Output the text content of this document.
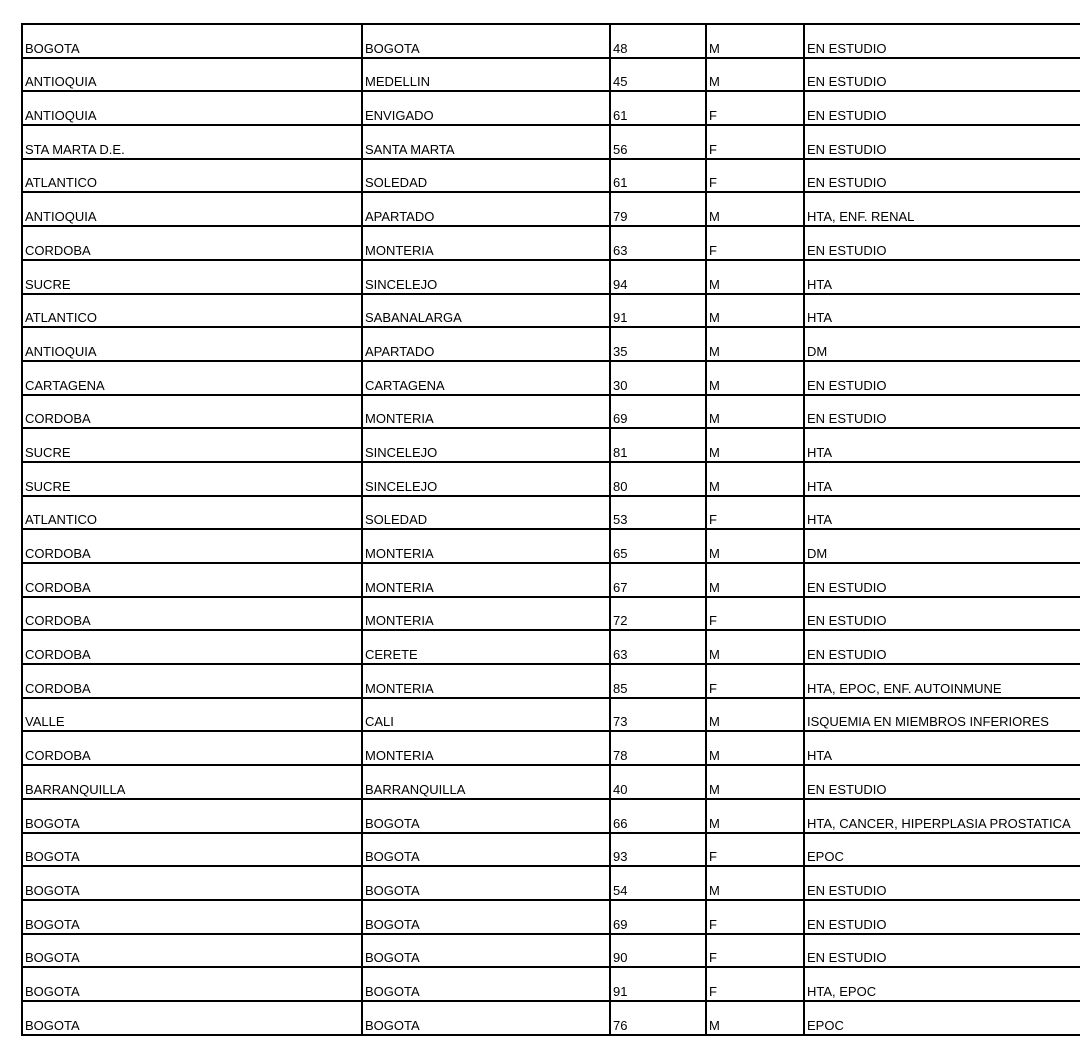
BOGOTA	BOGOTA	48	M	EN ESTUDIO
ANTIOQUIA	MEDELLIN	45	M	EN ESTUDIO
ANTIOQUIA	ENVIGADO	61	F	EN ESTUDIO
STA MARTA D.E.	SANTA MARTA	56	F	EN ESTUDIO
ATLANTICO	SOLEDAD	61	F	EN ESTUDIO
ANTIOQUIA	APARTADO	79	M	HTA, ENF. RENAL
CORDOBA	MONTERIA	63	F	EN ESTUDIO
SUCRE	SINCELEJO	94	M	HTA
ATLANTICO	SABANALARGA	91	M	HTA
ANTIOQUIA	APARTADO	35	M	DM
CARTAGENA	CARTAGENA	30	M	EN ESTUDIO
CORDOBA	MONTERIA	69	M	EN ESTUDIO
SUCRE	SINCELEJO	81	M	HTA
SUCRE	SINCELEJO	80	M	HTA
ATLANTICO	SOLEDAD	53	F	HTA
CORDOBA	MONTERIA	65	M	DM
CORDOBA	MONTERIA	67	M	EN ESTUDIO
CORDOBA	MONTERIA	72	F	EN ESTUDIO
CORDOBA	CERETE	63	M	EN ESTUDIO
CORDOBA	MONTERIA	85	F	HTA, EPOC, ENF. AUTOINMUNE
VALLE	CALI	73	M	ISQUEMIA EN MIEMBROS INFERIORES
CORDOBA	MONTERIA	78	M	HTA
BARRANQUILLA	BARRANQUILLA	40	M	EN ESTUDIO
BOGOTA	BOGOTA	66	M	HTA, CANCER, HIPERPLASIA PROSTATICA
BOGOTA	BOGOTA	93	F	EPOC
BOGOTA	BOGOTA	54	M	EN ESTUDIO
BOGOTA	BOGOTA	69	F	EN ESTUDIO
BOGOTA	BOGOTA	90	F	EN ESTUDIO
BOGOTA	BOGOTA	91	F	HTA, EPOC
BOGOTA	BOGOTA	76	M	EPOC
